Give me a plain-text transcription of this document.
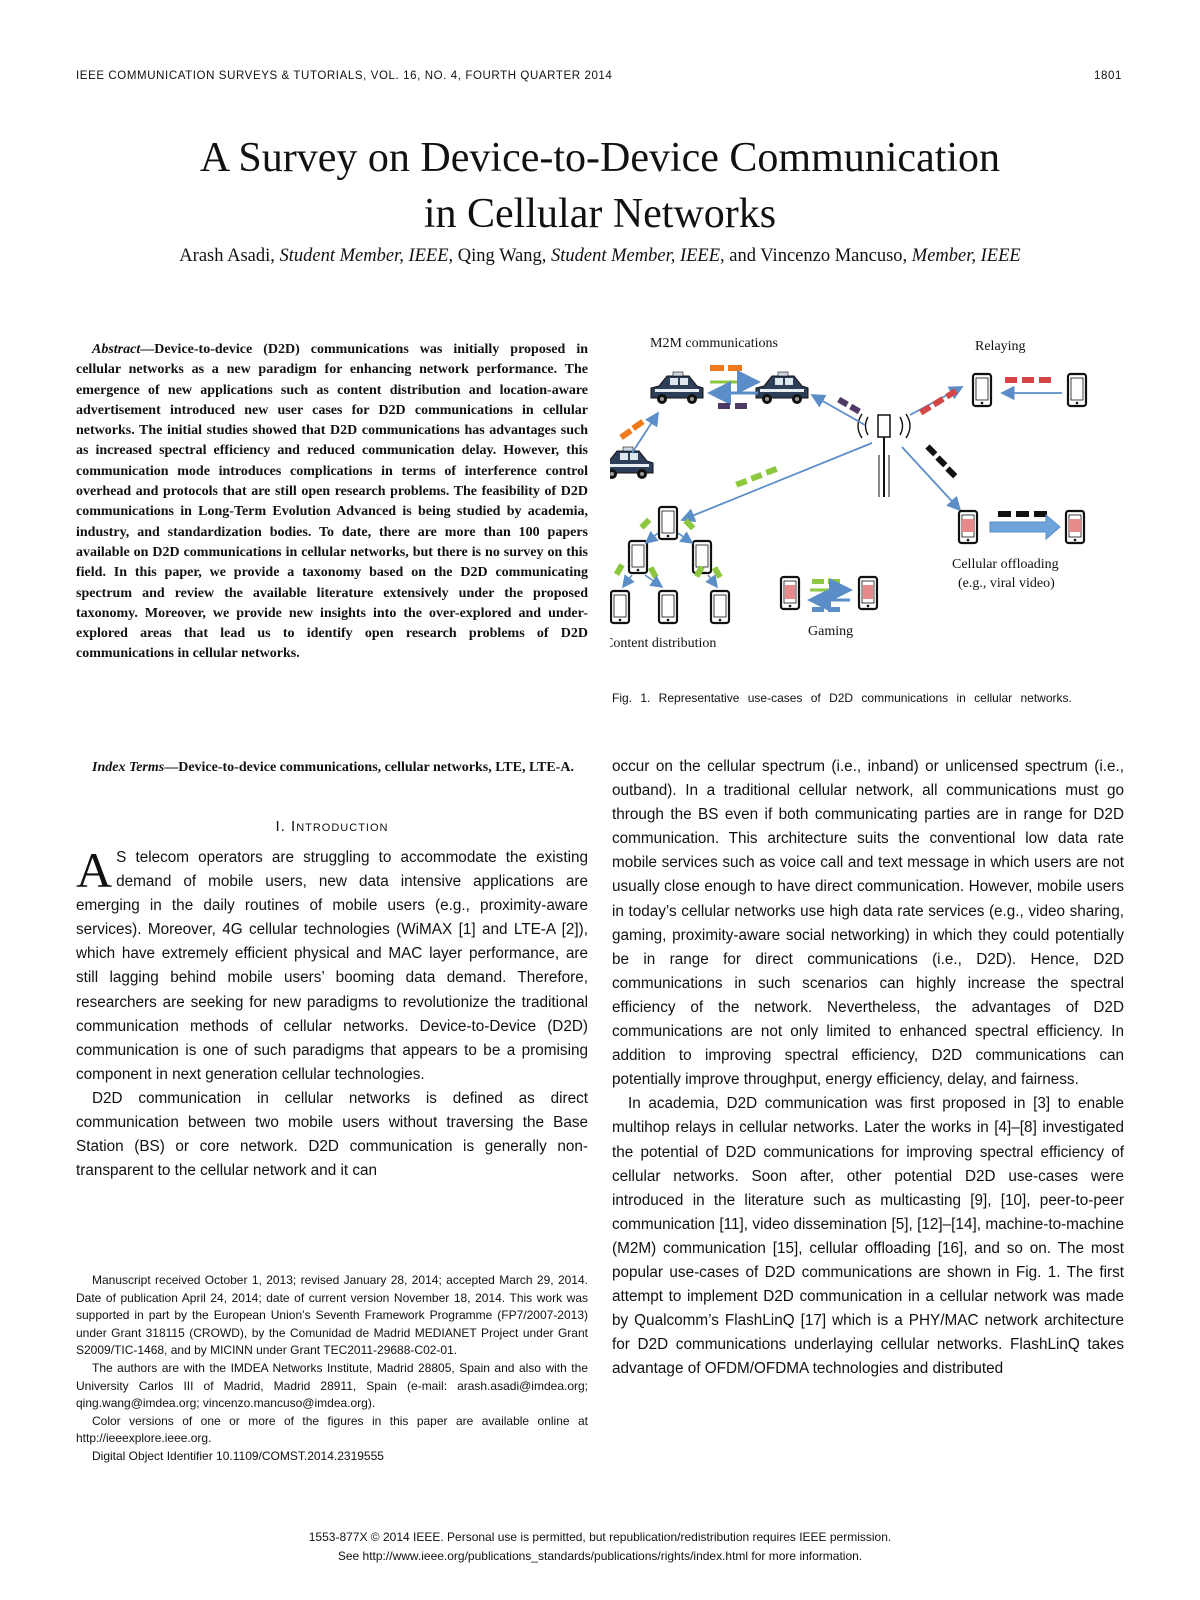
IEEE COMMUNICATION SURVEYS & TUTORIALS, VOL. 16, NO. 4, FOURTH QUARTER 2014	1801
A Survey on Device-to-Device Communication
in Cellular Networks
Arash Asadi, Student Member, IEEE, Qing Wang, Student Member, IEEE, and Vincenzo Mancuso, Member, IEEE
Abstract—Device-to-device (D2D) communications was initially proposed in cellular networks as a new paradigm for enhancing network performance. The emergence of new applications such as content distribution and location-aware advertisement introduced new user cases for D2D communications in cellular networks. The initial studies showed that D2D communications has advantages such as increased spectral efficiency and reduced communication delay. However, this communication mode introduces complications in terms of interference control overhead and protocols that are still open research problems. The feasibility of D2D communications in Long-Term Evolution Advanced is being studied by academia, industry, and standardization bodies. To date, there are more than 100 papers available on D2D communications in cellular networks, but there is no survey on this field. In this paper, we provide a taxonomy based on the D2D communicating spectrum and review the available literature extensively under the proposed taxonomy. Moreover, we provide new insights into the over-explored and under-explored areas that lead us to identify open research problems of D2D communications in cellular networks.
Index Terms—Device-to-device communications, cellular networks, LTE, LTE-A.
I. Introduction

A S telecom operators are struggling to accommodate the existing demand of mobile users, new data intensive applications are emerging in the daily routines of mobile users (e.g., proximity-aware services). Moreover, 4G cellular technologies (WiMAX [1] and LTE-A [2]), which have extremely efficient physical and MAC layer performance, are still lagging behind mobile users’ booming data demand. Therefore, researchers are seeking for new paradigms to revolutionize the traditional communication methods of cellular networks. Device-to-Device (D2D) communication is one of such paradigms that appears to be a promising component in next generation cellular technologies.

D2D communication in cellular networks is defined as direct communication between two mobile users without traversing the Base Station (BS) or core network. D2D communication is generally non-transparent to the cellular network and it can

Manuscript received October 1, 2013; revised January 28, 2014; accepted March 29, 2014. Date of publication April 24, 2014; date of current version November 18, 2014. This work was supported in part by the European Union’s Seventh Framework Programme (FP7/2007-2013) under Grant 318115 (CROWD), by the Comunidad de Madrid MEDIANET Project under Grant S2009/TIC-1468, and by MICINN under Grant TEC2011-29688-C02-01.

The authors are with the IMDEA Networks Institute, Madrid 28805, Spain and also with the University Carlos III of Madrid, Madrid 28911, Spain (e-mail: arash.asadi@imdea.org; qing.wang@imdea.org; vincenzo.mancuso@imdea.org).

Color versions of one or more of the figures in this paper are available online at http://ieeexplore.ieee.org.

Digital Object Identifier 10.1109/COMST.2014.2319555

M2M communications	Relaying
Cellular offloading
(e.g., viral video)
Content distribution
Gaming
Fig. 1. Representative use-cases of D2D communications in cellular networks.

occur on the cellular spectrum (i.e., inband) or unlicensed spectrum (i.e., outband). In a traditional cellular network, all communications must go through the BS even if both communicating parties are in range for D2D communication. This architecture suits the conventional low data rate mobile services such as voice call and text message in which users are not usually close enough to have direct communication. However, mobile users in today’s cellular networks use high data rate services (e.g., video sharing, gaming, proximity-aware social networking) in which they could potentially be in range for direct communications (i.e., D2D). Hence, D2D communications in such scenarios can highly increase the spectral efficiency of the network. Nevertheless, the advantages of D2D communications are not only limited to enhanced spectral efficiency. In addition to improving spectral efficiency, D2D communications can potentially improve throughput, energy efficiency, delay, and fairness.

In academia, D2D communication was first proposed in [3] to enable multihop relays in cellular networks. Later the works in [4]–[8] investigated the potential of D2D communications for improving spectral efficiency of cellular networks. Soon after, other potential D2D use-cases were introduced in the literature such as multicasting [9], [10], peer-to-peer communication [11], video dissemination [5], [12]–[14], machine-to-machine (M2M) communication [15], cellular offloading [16], and so on. The most popular use-cases of D2D communications are shown in Fig. 1. The first attempt to implement D2D communication in a cellular network was made by Qualcomm’s FlashLinQ [17] which is a PHY/MAC network architecture for D2D communications underlaying cellular networks. FlashLinQ takes advantage of OFDM/OFDMA technologies and distributed

1553-877X © 2014 IEEE. Personal use is permitted, but republication/redistribution requires IEEE permission.
See http://www.ieee.org/publications_standards/publications/rights/index.html for more information.
